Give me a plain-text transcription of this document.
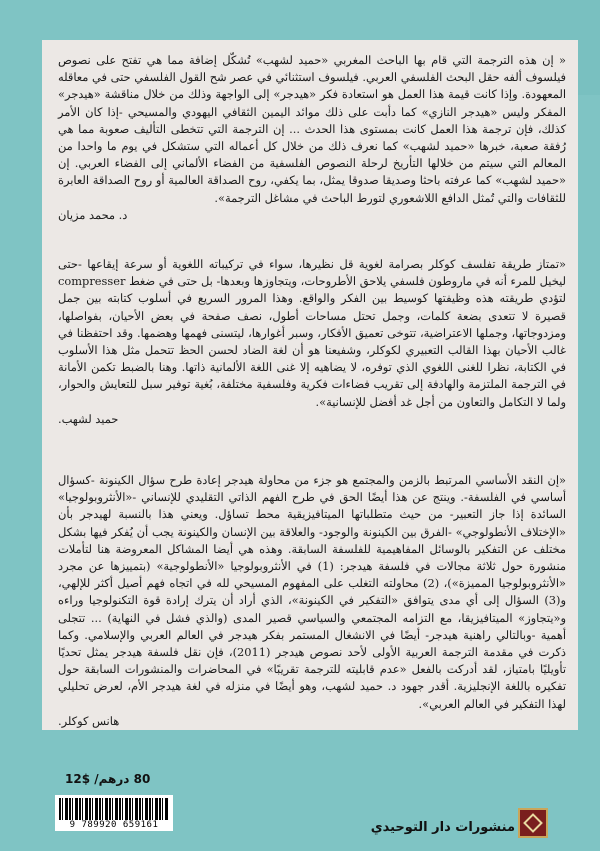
« إن هذه الترجمة التي قام بها الباحث المغربي «حميد لشهب» تُشكّل إضافة مما هي تفتح على نصوص فيلسوف ألفه حقل البحث الفلسفي العربي. فيلسوف استثنائي في عصر شح القول الفلسفي حتى في معاقله المعهودة. وإذا كانت قيمة هذا العمل هو استعادة فكر «هيدجر» إلى الواجهة وذلك من خلال مناقشة «هيدجر» المفكر وليس «هيدجر النازي» كما دأبت على ذلك موائد اليمين الثقافي اليهودي والمسيحي -إذا كان الأمر كذلك، فإن ترجمة هذا العمل كانت بمستوى هذا الحدث ... إن الترجمة التي تتخطى التأليف صعوبة مما هي رُفقة صعبة، خبرها «حميد لشهب» كما نعرف ذلك من خلال كل أعماله التي ستشكل في يوم ما واحدا من المعالم التي سيتم من خلالها التأريخ لرحلة النصوص الفلسفية من الفضاء الألماني إلى الفضاء العربي. إن «حميد لشهب» كما عرفته باحثا وصديقا صدوقا يمثل، بما يكفي، روح الصداقة العالمية أو روح الصداقة العابرة للثقافات والتي تُمثل الدافع اللاشعوري لتورط الباحث في مشاغل الترجمة».
د. محمد مزيان
«تمتاز طريقة تفلسف كوكلر بصرامة لغوية قل نظيرها، سواء في تركيباته اللغوية أو سرعة إيقاعها -حتى ليخيل للمرء أنه في ماروطون فلسفي يلاحق الأطروحات، ويتجاوزها وبعدها- بل حتى في ضغط compresser لتؤدي طريقته هذه وظيفتها كوسيط بين الفكر والواقع. وهذا المرور السريع في أسلوب كتابته بين جمل قصيرة لا تتعدى بضعة كلمات، وجمل تحتل مساحات أطول، نصف صفحة في بعض الأحيان، بفواصلها، ومزدوجاتها، وجملها الاعتراضية، تتوخى تعميق الأفكار، وسبر أغوارها، ليتسنى فهمها وهضمها. وقد احتفظنا في غالب الأحيان بهذا القالب التعبيري لكوكلر، وشفيعنا هو أن لغة الضاد لحسن الحظ تتحمل مثل هذا الأسلوب في الكتابة، نظرا للغنى اللغوي الذي توفره، لا يضاهيه إلا غنى اللغة الألمانية ذاتها. وهنا بالضبط تكمن الأمانة في الترجمة الملتزمة والهادفة إلى تقريب فضاءات فكرية وفلسفية مختلفة، بُغية توفير سبل للتعايش والحوار، ولما لا التكامل والتعاون من أجل غد أفضل للإنسانية».
حميد لشهب.
«إن النقد الأساسي المرتبط بالزمن والمجتمع هو جزء من محاولة هيدجر إعادة طرح سؤال الكينونة -كسؤال أساسي في الفلسفة-. وينتج عن هذا أيضًا الحق في طرح الفهم الذاتي التقليدي للإنساني -«الأنثروبولوجيا» السائدة إذا جاز التعبير- من حيث متطلباتها الميتافيزيقية محط تساؤل. ويعني هذا بالنسبة لهيدجر بأن «الإختلاف الأنطولوجي» -الفرق بين الكينونة والوجود- والعلاقة بين الإنسان والكينونة يجب أن يُفكر فيها بشكل مختلف عن التفكير بالوسائل المفاهيمية للفلسفة السابقة. وهذه هي أيضا المشاكل المعروضة هنا لتأملات منشورة حول ثلاثة مجالات في فلسفة هيدجر: (1) في الأنثروبولوجيا «الأنطولوجية» (بتمييزها عن مجرد «الأنثروبولوجيا المميزة»)، (2) محاولته التغلب على المفهوم المسيحي لله في اتجاه فهم أصيل أكثر للإلهي، و(3) السؤال إلى أي مدى يتوافق «التفكير في الكينونة»، الذي أراد أن يترك إرادة قوة التكنولوجيا وراءه و«يتجاوز» الميتافيزيقا، مع التزامه المجتمعي والسياسي قصير المدى (والذي فشل في النهاية) ... تتجلى أهمية -وبالتالي راهنية هيدجر- أيضًا في الانشغال المستمر بفكر هيدجر في العالم العربي والإسلامي. وكما ذكرت في مقدمة الترجمة العربية الأولى لأحد نصوص هيدجر (2011)، فإن نقل فلسفة هيدجر يمثل تحديًا تأويليًا بامتياز، لقد أدركت بالفعل «عدم قابليته للترجمة تقريبًا» في المحاضرات والمنشورات السابقة حول تفكيره باللغة الإنجليزية. أقدر جهود د. حميد لشهب، وهو أيضًا في منزله في لغة هيدجر الأم، لعرض تحليلي لهذا التفكير في العالم العربي».
هانس كوكلر.
80 درهم/ $12
9 789920 659161	منشورات دار التوحيدي
